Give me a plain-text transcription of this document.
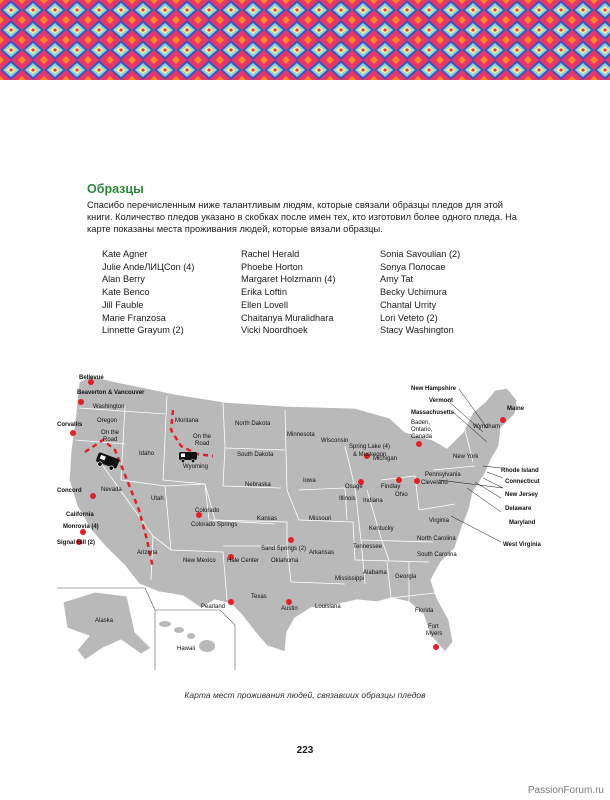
Образцы

Спасибо перечисленным ниже талантливым людям, которые связали образцы пледов для этой книги. Количество пледов указано в скобках после имен тех, кто изготовил более одного пледа. На карте показаны места проживания людей, которые вязали образцы.

Kate Agner
Julie AndeЛИЦCon (4)
Alan Berry
Kate Benco
Jill Fauble
Marie Franzosa
Linnette Grayum (2)
Rachel Herald
Phoebe Horton
Margaret Holzmann (4)
Erika Loftin
Ellen Lovell
Chaitanya Muralidhara
Vicki Noordhoek
Sonia Savoulian (2)
Sonya Полосае
Amy Tat
Becky Uchimura
Chantal Urrity
Lori Veteto (2)
Stacy Washington
Oregon
Washington
Idaho
Montana
Wyoming
Nevada
Utah
California
Arizona
Colorado
New Mexico
North Dakota
South Dakota
Nebraska
Kansas
Oklahoma
Texas
Minnesota
Iowa
Missouri
Arkansas
Louisiana
Wisconsin
Illinois
Michigan
Indiana
Ohio
Kentucky
Tennessee
Mississippi
Alabama
Georgia
Florida
South Carolina
North Carolina
Virginia
West Virginia
Pennsylvania
New York
Vermont
New Hampshire
Massachusetts
Maine
Rhode Island
Connecticut
New Jersey
Delaware
Maryland
Alaska
Hawaii
Bellevue
Beaverton & Vancouver
Corvallis
Concord
Monrovia (4)
Signal Hill (2)
Colorado Springs
Hale Center
Sand Springs (2)
Pearland	Austin
Osage
Spring Lake (4)
& Muskegon
Findlay
Cleveland
Baden,
Ontario,
Canada
Wyndham
Fort
Myers
On the
Road	On the
Road

Карта мест проживания людей, связавших образцы пледов

223
PassionForum.ru
